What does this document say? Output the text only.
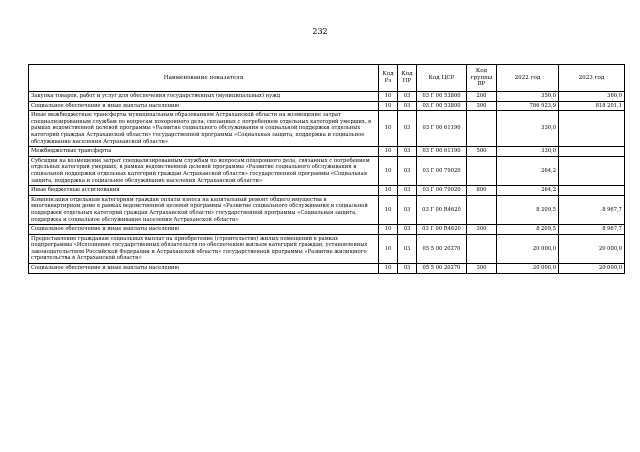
232
Наименование показателя	Код Рз	Код ПР	Код ЦСР	Код группы ВР	2022 год	2023 год
Закупка товаров, работ и услуг для обеспечения государственных (муниципальных) нужд	10	03	03 Г 00 53800	200	350,0	360,0
Социальное обеспечение и иные выплаты населению	10	03	03 Г 00 53800	300	786 923,9	818 201,1
Иные межбюджетные трансферты муниципальным образованиям Астраханской области на возмещение затрат специализированным службам по вопросам похоронного дела, связанных с погребением отдельных категорий умерших, в рамках ведомственной целевой программы «Развитие социального обслуживания и социальной поддержки отдельных категорий граждан Астраханской области» государственной программы «Социальная защита, поддержка и социальное обслуживание населения Астраханской области»	10	03	03 Г 00 61190		330,0	
Межбюджетные трансферты	10	03	03 Г 00 61190	500	330,0	
Субсидии на возмещение затрат специализированным службам по вопросам похоронного дела, связанных с погребением отдельных категорий умерших, в рамках ведомственной целевой программы «Развитие социального обслуживания и социальной поддержки отдельных категорий граждан Астраханской области» государственной программы «Социальная защита, поддержка и социальное обслуживание населения Астраханской области»	10	03	03 Г 00 79020		264,2	
Иные бюджетные ассигнования	10	03	03 Г 00 79020	800	264,2	
Компенсация отдельным категориям граждан оплаты взноса на капитальный ремонт общего имущества в многоквартирном доме в рамках ведомственной целевой программы «Развитие социального обслуживания и социальной поддержки отдельных категорий граждан Астраханской области» государственной программы «Социальная защита, поддержка и социальное обслуживание населения Астраханской области»	10	03	03 Г 00 R4620		8 209,5	8 967,7
Социальное обеспечение и иные выплаты населению	10	03	03 Г 00 R4620	300	8 209,5	8 967,7
Предоставление гражданам социальных выплат на приобретение (строительство) жилых помещений в рамках подпрограммы «Исполнение государственных обязательств по обеспечению жильем категорий граждан, установленных законодательством Российской Федерации и Астраханской области» государственной программы «Развитие жилищного строительства в Астраханской области»	10	03	05 5 00 20270		20 000,0	20 000,0
Социальное обеспечение и иные выплаты населению	10	03	05 5 00 20270	300	20 000,0	20 000,0
